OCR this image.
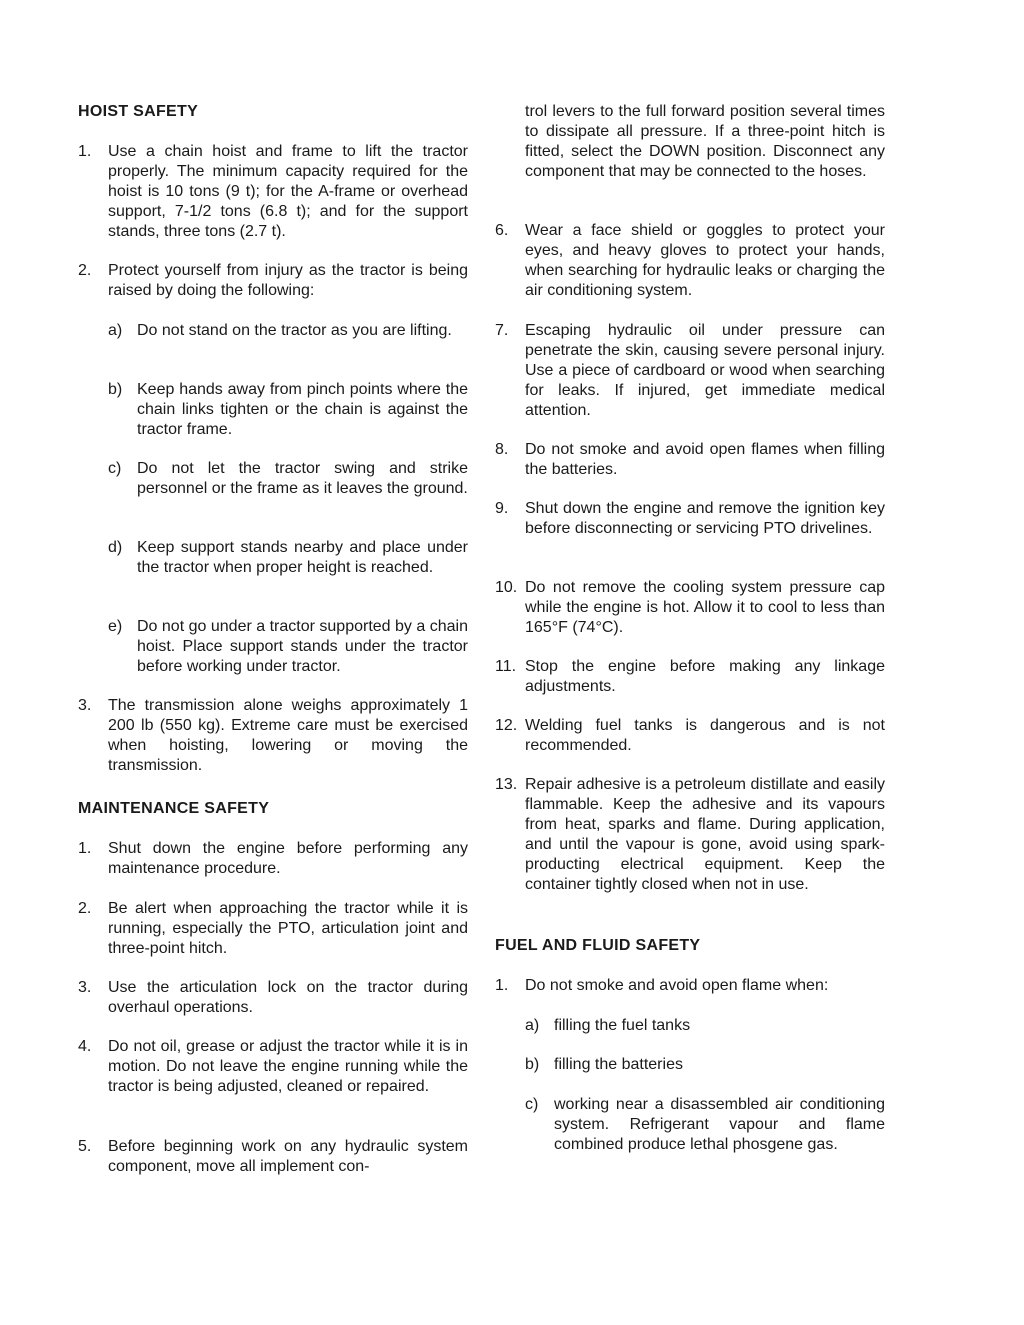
HOIST SAFETY
1.	Use a chain hoist and frame to lift the tractor properly. The minimum capacity required for the hoist is 10 tons (9 t); for the A-frame or overhead support, 7-1/2 tons (6.8 t); and for the support stands, three tons (2.7 t).
2.	Protect yourself from injury as the tractor is being raised by doing the following:
a) Do not stand on the tractor as you are lifting.
b) Keep hands away from pinch points where the chain links tighten or the chain is against the tractor frame.
c) Do not let the tractor swing and strike personnel or the frame as it leaves the ground.
d) Keep support stands nearby and place under the tractor when proper height is reached.
e) Do not go under a tractor supported by a chain hoist. Place support stands under the tractor before working under tractor.
3.	The transmission alone weighs approximately 1 200 lb (550 kg). Extreme care must be exercised when hoisting, lowering or moving the transmission.
MAINTENANCE SAFETY
1.	Shut down the engine before performing any maintenance procedure.
2.	Be alert when approaching the tractor while it is running, especially the PTO, articulation joint and three-point hitch.
3.	Use the articulation lock on the tractor during overhaul operations.
4.	Do not oil, grease or adjust the tractor while it is in motion. Do not leave the engine running while the tractor is being adjusted, cleaned or repaired.
5.	Before beginning work on any hydraulic system component, move all implement con-
trol levers to the full forward position several times to dissipate all pressure. If a three-point hitch is fitted, select the DOWN position. Disconnect any component that may be connected to the hoses.
6.	Wear a face shield or goggles to protect your eyes, and heavy gloves to protect your hands, when searching for hydraulic leaks or charging the air conditioning system.
7.	Escaping hydraulic oil under pressure can penetrate the skin, causing severe personal injury. Use a piece of cardboard or wood when searching for leaks. If injured, get immediate medical attention.
8.	Do not smoke and avoid open flames when filling the batteries.
9.	Shut down the engine and remove the ignition key before disconnecting or servicing PTO drivelines.
10. Do not remove the cooling system pressure cap while the engine is hot. Allow it to cool to less than 165°F (74°C).
11. Stop the engine before making any linkage adjustments.
12. Welding fuel tanks is dangerous and is not recommended.
13. Repair adhesive is a petroleum distillate and easily flammable. Keep the adhesive and its vapours from heat, sparks and flame. During application, and until the vapour is gone, avoid using spark-producting electrical equipment. Keep the container tightly closed when not in use.
FUEL AND FLUID SAFETY
1.	Do not smoke and avoid open flame when:
a) filling the fuel tanks
b) filling the batteries
c) working near a disassembled air conditioning system. Refrigerant vapour and flame combined produce lethal phosgene gas.
